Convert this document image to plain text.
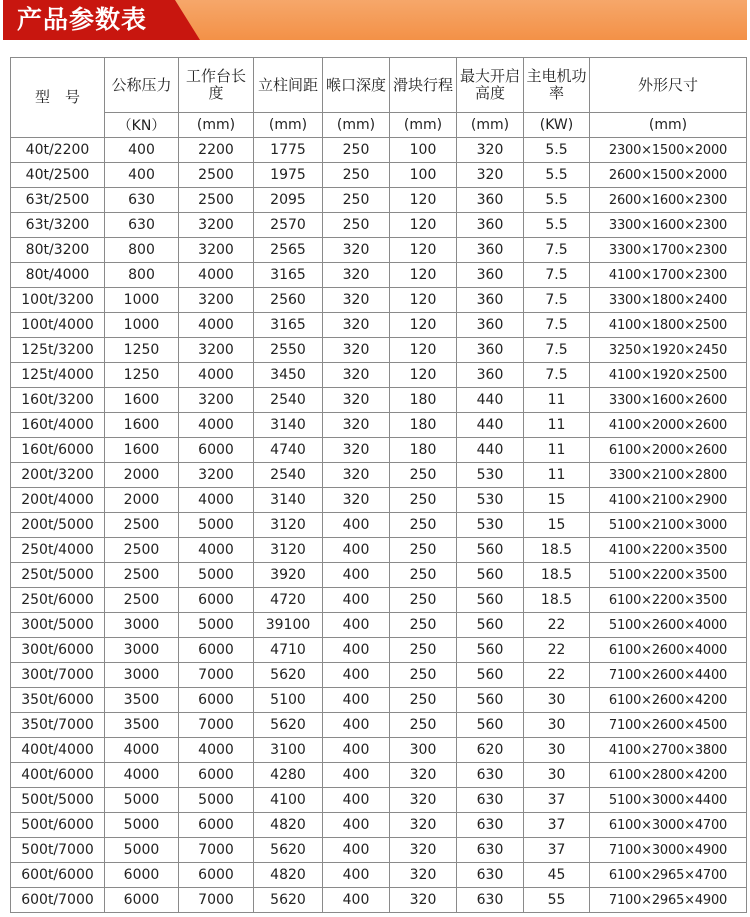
产品参数表
型　号	公称压力	工作台长度	立柱间距	喉口深度	滑块行程	最大开启高度	主电机功率	外形尺寸
	（KN）	(mm)	(mm)	(mm)	(mm)	(mm)	(KW)	(mm)
40t/2200	400	2200	1775	250	100	320	5.5	2300×1500×2000
40t/2500	400	2500	1975	250	100	320	5.5	2600×1500×2000
63t/2500	630	2500	2095	250	120	360	5.5	2600×1600×2300
63t/3200	630	3200	2570	250	120	360	5.5	3300×1600×2300
80t/3200	800	3200	2565	320	120	360	7.5	3300×1700×2300
80t/4000	800	4000	3165	320	120	360	7.5	4100×1700×2300
100t/3200	1000	3200	2560	320	120	360	7.5	3300×1800×2400
100t/4000	1000	4000	3165	320	120	360	7.5	4100×1800×2500
125t/3200	1250	3200	2550	320	120	360	7.5	3250×1920×2450
125t/4000	1250	4000	3450	320	120	360	7.5	4100×1920×2500
160t/3200	1600	3200	2540	320	180	440	11	3300×1600×2600
160t/4000	1600	4000	3140	320	180	440	11	4100×2000×2600
160t/6000	1600	6000	4740	320	180	440	11	6100×2000×2600
200t/3200	2000	3200	2540	320	250	530	11	3300×2100×2800
200t/4000	2000	4000	3140	320	250	530	15	4100×2100×2900
200t/5000	2500	5000	3120	400	250	530	15	5100×2100×3000
250t/4000	2500	4000	3120	400	250	560	18.5	4100×2200×3500
250t/5000	2500	5000	3920	400	250	560	18.5	5100×2200×3500
250t/6000	2500	6000	4720	400	250	560	18.5	6100×2200×3500
300t/5000	3000	5000	39100	400	250	560	22	5100×2600×4000
300t/6000	3000	6000	4710	400	250	560	22	6100×2600×4000
300t/7000	3000	7000	5620	400	250	560	22	7100×2600×4400
350t/6000	3500	6000	5100	400	250	560	30	6100×2600×4200
350t/7000	3500	7000	5620	400	250	560	30	7100×2600×4500
400t/4000	4000	4000	3100	400	300	620	30	4100×2700×3800
400t/6000	4000	6000	4280	400	320	630	30	6100×2800×4200
500t/5000	5000	5000	4100	400	320	630	37	5100×3000×4400
500t/6000	5000	6000	4820	400	320	630	37	6100×3000×4700
500t/7000	5000	7000	5620	400	320	630	37	7100×3000×4900
600t/6000	6000	6000	4820	400	320	630	45	6100×2965×4700
600t/7000	6000	7000	5620	400	320	630	55	7100×2965×4900
